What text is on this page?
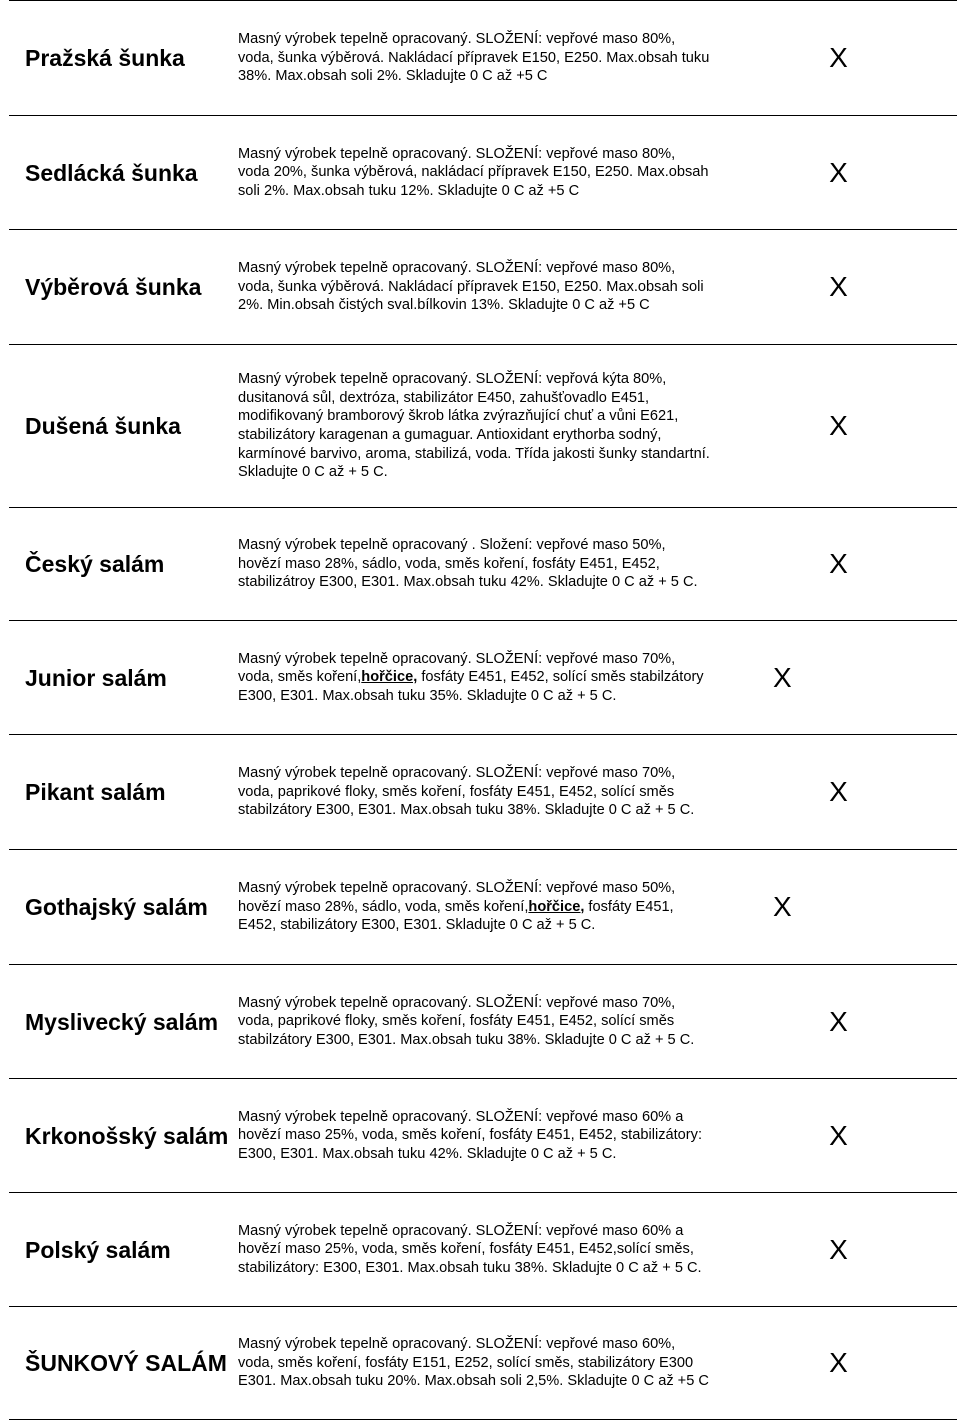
Pražská šunka
Masný výrobek tepelně opracovaný. SLOŽENÍ: vepřové maso 80%, voda, šunka výběrová. Nakládací přípravek E150, E250. Max.obsah tuku 38%. Max.obsah soli 2%. Skladujte 0 C až +5 C
X
Sedlácká šunka
Masný výrobek tepelně opracovaný. SLOŽENÍ: vepřové maso 80%, voda 20%, šunka výběrová, nakládací přípravek E150, E250. Max.obsah soli 2%. Max.obsah tuku 12%. Skladujte 0 C až +5 C
X
Výběrová šunka
Masný výrobek tepelně opracovaný. SLOŽENÍ: vepřové maso 80%, voda, šunka výběrová. Nakládací přípravek E150, E250. Max.obsah soli 2%. Min.obsah čistých sval.bílkovin 13%. Skladujte 0 C až +5 C
X
Dušená šunka
Masný výrobek tepelně opracovaný. SLOŽENÍ: vepřová kýta 80%, dusitanová sůl, dextróza, stabilizátor E450, zahušťovadlo E451, modifikovaný bramborový škrob látka zvýrazňující chuť a vůni E621, stabilizátory karagenan a gumaguar. Antioxidant erythorba sodný, karmínové barvivo, aroma, stabilizá, voda. Třída jakosti šunky standartní. Skladujte 0 C až + 5 C.
X
Český salám
Masný výrobek tepelně opracovaný . Složení: vepřové maso 50%, hovězí maso 28%, sádlo, voda, směs koření, fosfáty E451, E452, stabilizátroy E300, E301. Max.obsah tuku 42%. Skladujte 0 C až + 5 C.
X
Junior salám
Masný výrobek tepelně opracovaný. SLOŽENÍ: vepřové maso 70%, voda, směs koření,hořčice, fosfáty E451, E452, solící směs stabilzátory E300, E301. Max.obsah tuku 35%. Skladujte 0 C až + 5 C.
X
Pikant salám
Masný výrobek tepelně opracovaný. SLOŽENÍ: vepřové maso 70%, voda, paprikové floky, směs koření, fosfáty E451, E452, solící směs stabilzátory E300, E301. Max.obsah tuku 38%. Skladujte 0 C až + 5 C.
X
Gothajský salám
Masný výrobek tepelně opracovaný. SLOŽENÍ: vepřové maso 50%, hovězí maso 28%, sádlo, voda, směs koření,hořčice, fosfáty E451, E452, stabilizátory E300, E301. Skladujte 0 C až + 5 C.
X
Myslivecký salám
Masný výrobek tepelně opracovaný. SLOŽENÍ: vepřové maso 70%, voda, paprikové floky, směs koření, fosfáty E451, E452, solící směs stabilzátory E300, E301. Max.obsah tuku 38%. Skladujte 0 C až + 5 C.
X
Krkonošský salám
Masný výrobek tepelně opracovaný. SLOŽENÍ: vepřové maso 60% a hovězí maso 25%, voda, směs koření, fosfáty E451, E452, stabilizátory: E300, E301. Max.obsah tuku 42%. Skladujte 0 C až + 5 C.
X
Polský salám
Masný výrobek tepelně opracovaný. SLOŽENÍ: vepřové maso 60% a hovězí maso 25%, voda, směs koření, fosfáty E451, E452,solící směs, stabilizátory: E300, E301. Max.obsah tuku 38%. Skladujte 0 C až + 5 C.
X
ŠUNKOVÝ SALÁM
Masný výrobek tepelně opracovaný. SLOŽENÍ: vepřové maso 60%, voda, směs koření, fosfáty E151, E252, solící směs, stabilizátory E300 E301. Max.obsah tuku 20%. Max.obsah soli 2,5%. Skladujte 0 C až +5 C
X
